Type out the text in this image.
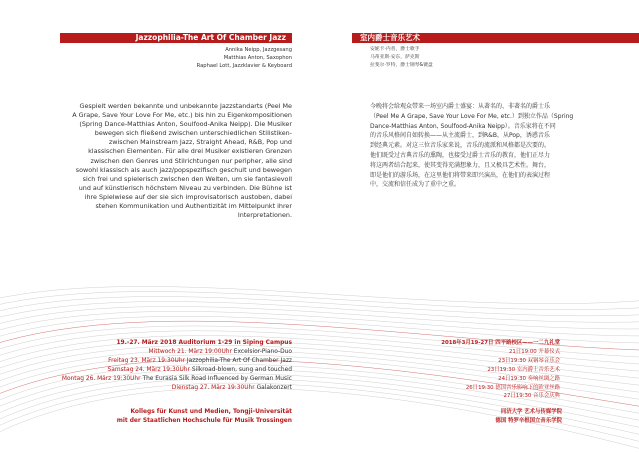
Jazzophilia-The Art Of Chamber Jazz
Annika Neipp, Jazzgesang
Matthias Anton, Saxophon
Raphael Lott, Jazzklavier & Keyboard
Gespielt werden bekannte und unbekannte Jazzstandarts (Peel Me
A Grape, Save Your Love For Me, etc.) bis hin zu Eigenkompositionen
(Spring Dance-Matthias Anton, Soulfood-Anika Neipp). Die Musiker
bewegen sich fließend zwischen unterschiedlichen Stilistiken-
zwischen Mainstream Jazz, Straight Ahead, R&B, Pop und
klassischen Elementen. Für alle drei Musiker existieren Grenzen
zwischen den Genres und Stilrichtungen nur peripher, alle sind
sowohl klassisch als auch jazz/popspezifisch geschult und bewegen
sich frei und spielerisch zwischen den Welten, um sie fantasievoll
und auf künstlerisch höchstem Niveau zu verbinden. Die Bühne ist
ihre Spielwiese auf der sie sich improvisatorisch austoben, dabei
stehen Kommunikation und Authentizität im Mittelpunkt ihrer
Interpretationen.
19.-27. März 2018 Auditorium 1-29 in Siping Campus
Mittwoch 21. März 19:00Uhr Excelsior-Piano-Duo
Freitag 23. März 19:30Uhr Jazzophilia-The Art Of Chamber Jazz
Samstag 24. März 19:30Uhr Silkroad-blown, sung and touched
Montag 26. März 19:30Uhr The Eurasia Silk Road Influenced by German Music
Dienstag 27. März 19:30Uhr Galakonzert
Kollegs für Kunst und Medien, Tongji-Universität
mit der Staatlichen Hochschule für Musik Trossingen
室内爵士音乐艺术
安妮卡·内普，爵士歌手
马蒂亚斯·安东，萨克斯
拉斐尔·罗特，爵士钢琴&键盘
今晚将会给观众带来一场室内爵士盛宴：从著名的、非著名的爵士乐
（Peel Me A Grape, Save Your Love For Me, etc.）到独立作品（Spring
Dance-Matthias Anton, Soulfood-Anika Neipp）。音乐家将在不同
的音乐风格间自如转换——从主流爵士，到R&B，从Pop，诱惑音乐
到经典元素。对这三位音乐家来说，音乐的流派和风格都是次要的。
他们既受过古典音乐的熏陶，也接受过爵士音乐的教育，他们正尽力
将这两者结合起来，使其变得充满想象力，且又极具艺术性。舞台，
即是他们的游乐场，在这里他们将带来即兴演出，在他们的表演过程
中，交流和信任成为了重中之重。
2018年3月19-27日 四平路校区——一二九礼堂
21日19:00 开幕仪式
23日19:30 双钢琴音乐会
23日19:30 室内爵士音乐艺术
24日19:30 奏响丝绸之路
26日19:30 德国音乐影响下的欧亚丝路
27日19:30 音乐会庆典
同济大学 艺术与传媒学院
德国 特罗辛根国立音乐学院
